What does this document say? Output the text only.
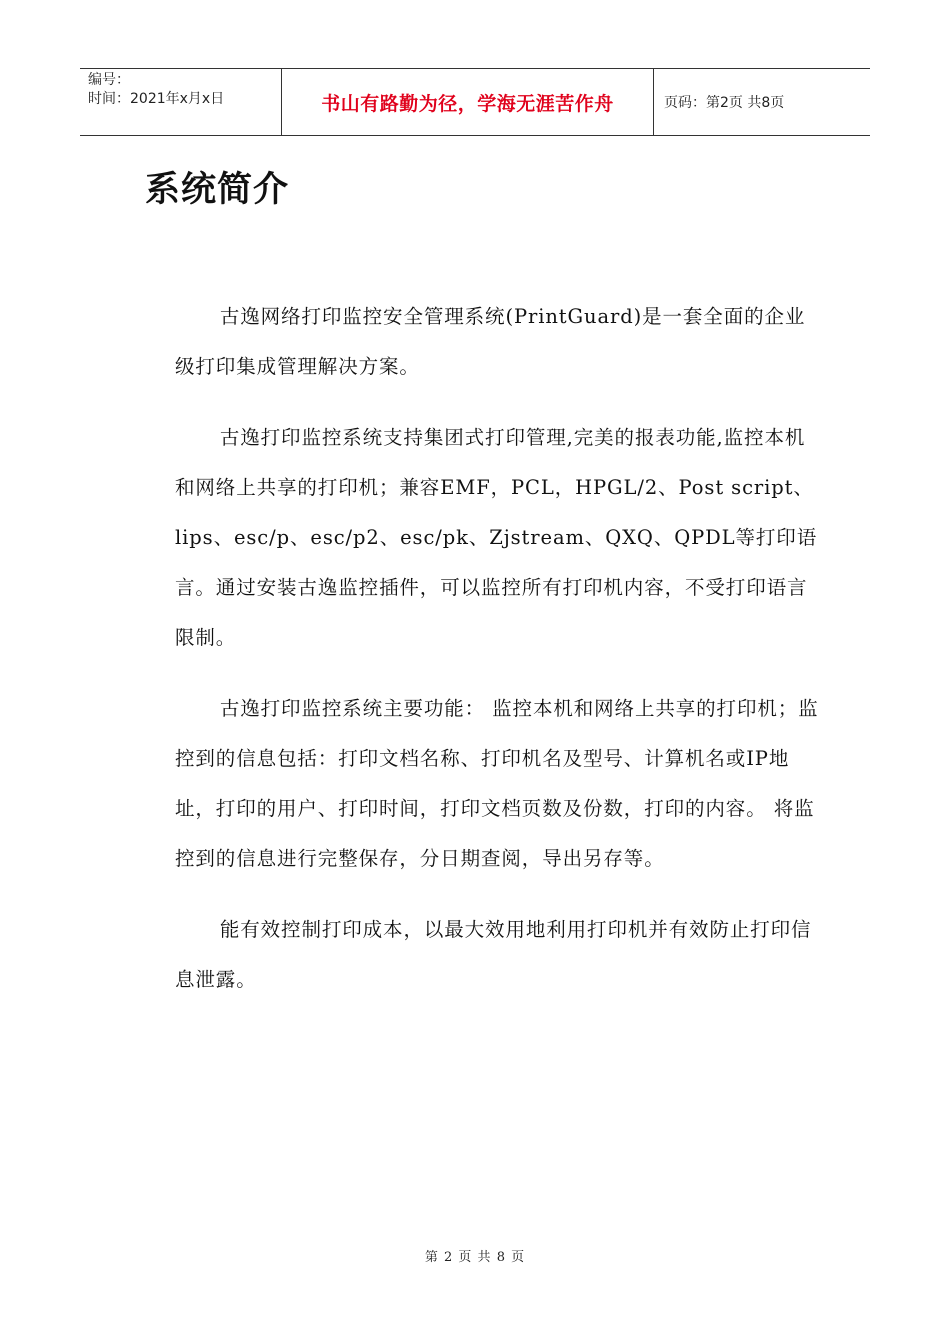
编号：
时间：2021年x月x日	书山有路勤为径，学海无涯苦作舟	页码：第2页 共8页
系统简介

古逸网络打印监控安全管理系统(PrintGuard)是一套全面的企业级打印集成管理解决方案。

古逸打印监控系统支持集团式打印管理,完美的报表功能,监控本机和网络上共享的打印机；兼容EMF，PCL，HPGL/2、Post script、lips、esc/p、esc/p2、esc/pk、Zjstream、QXQ、QPDL等打印语言。通过安装古逸监控插件，可以监控所有打印机内容，不受打印语言限制。

古逸打印监控系统主要功能： 监控本机和网络上共享的打印机；监控到的信息包括：打印文档名称、打印机名及型号、计算机名或IP地址，打印的用户、打印时间，打印文档页数及份数，打印的内容。 将监控到的信息进行完整保存，分日期查阅，导出另存等。

能有效控制打印成本，以最大效用地利用打印机并有效防止打印信息泄露。

第 2 页 共 8 页
